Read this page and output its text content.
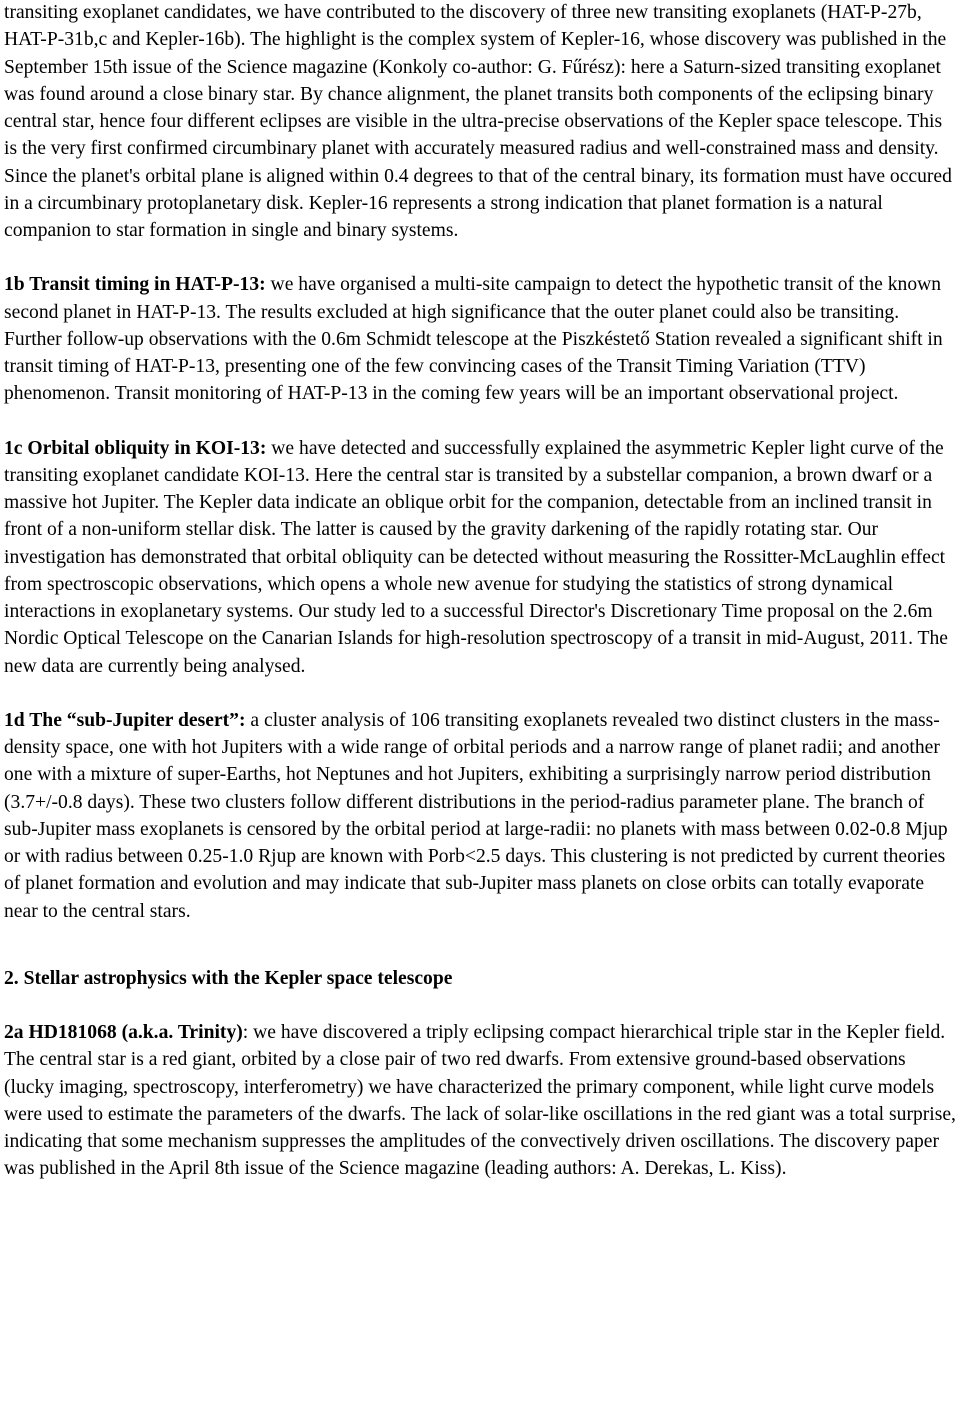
transiting exoplanet candidates, we have contributed to the discovery of three new transiting exoplanets (HAT-P-27b, HAT-P-31b,c and Kepler-16b). The highlight is the complex system of Kepler-16, whose discovery was published in the September 15th issue of the Science magazine (Konkoly co-author: G. Fűrész): here a Saturn-sized transiting exoplanet was found around a close binary star. By chance alignment, the planet transits both components of the eclipsing binary central star, hence four different eclipses are visible in the ultra-precise observations of the Kepler space telescope. This is the very first confirmed circumbinary planet with accurately measured radius and well-constrained mass and density. Since the planet's orbital plane is aligned within 0.4 degrees to that of the central binary, its formation must have occured in a circumbinary protoplanetary disk. Kepler-16 represents a strong indication that planet formation is a natural companion to star formation in single and binary systems.

1b Transit timing in HAT-P-13: we have organised a multi-site campaign to detect the hypothetic transit of the known second planet in HAT-P-13. The results excluded at high significance that the outer planet could also be transiting. Further follow-up observations with the 0.6m Schmidt telescope at the Piszkéstető Station revealed a significant shift in transit timing of HAT-P-13, presenting one of the few convincing cases of the Transit Timing Variation (TTV) phenomenon. Transit monitoring of HAT-P-13 in the coming few years will be an important observational project.

1c Orbital obliquity in KOI-13: we have detected and successfully explained the asymmetric Kepler light curve of the transiting exoplanet candidate KOI-13. Here the central star is transited by a substellar companion, a brown dwarf or a massive hot Jupiter. The Kepler data indicate an oblique orbit for the companion, detectable from an inclined transit in front of a non-uniform stellar disk. The latter is caused by the gravity darkening of the rapidly rotating star. Our investigation has demonstrated that orbital obliquity can be detected without measuring the Rossitter-McLaughlin effect from spectroscopic observations, which opens a whole new avenue for studying the statistics of strong dynamical interactions in exoplanetary systems. Our study led to a successful Director's Discretionary Time proposal on the 2.6m Nordic Optical Telescope on the Canarian Islands for high-resolution spectroscopy of a transit in mid-August, 2011. The new data are currently being analysed.

1d The “sub-Jupiter desert”: a cluster analysis of 106 transiting exoplanets revealed two distinct clusters in the mass-density space, one with hot Jupiters with a wide range of orbital periods and a narrow range of planet radii; and another one with a mixture of super-Earths, hot Neptunes and hot Jupiters, exhibiting a surprisingly narrow period distribution (3.7+/-0.8 days). These two clusters follow different distributions in the period-radius parameter plane. The branch of sub-Jupiter mass exoplanets is censored by the orbital period at large-radii: no planets with mass between 0.02-0.8 Mjup or with radius between 0.25-1.0 Rjup are known with Porb<2.5 days. This clustering is not predicted by current theories of planet formation and evolution and may indicate that sub-Jupiter mass planets on close orbits can totally evaporate near to the central stars.

2. Stellar astrophysics with the Kepler space telescope

2a HD181068 (a.k.a. Trinity): we have discovered a triply eclipsing compact hierarchical triple star in the Kepler field. The central star is a red giant, orbited by a close pair of two red dwarfs. From extensive ground-based observations (lucky imaging, spectroscopy, interferometry) we have characterized the primary component, while light curve models were used to estimate the parameters of the dwarfs. The lack of solar-like oscillations in the red giant was a total surprise, indicating that some mechanism suppresses the amplitudes of the convectively driven oscillations. The discovery paper was published in the April 8th issue of the Science magazine (leading authors: A. Derekas, L. Kiss).
